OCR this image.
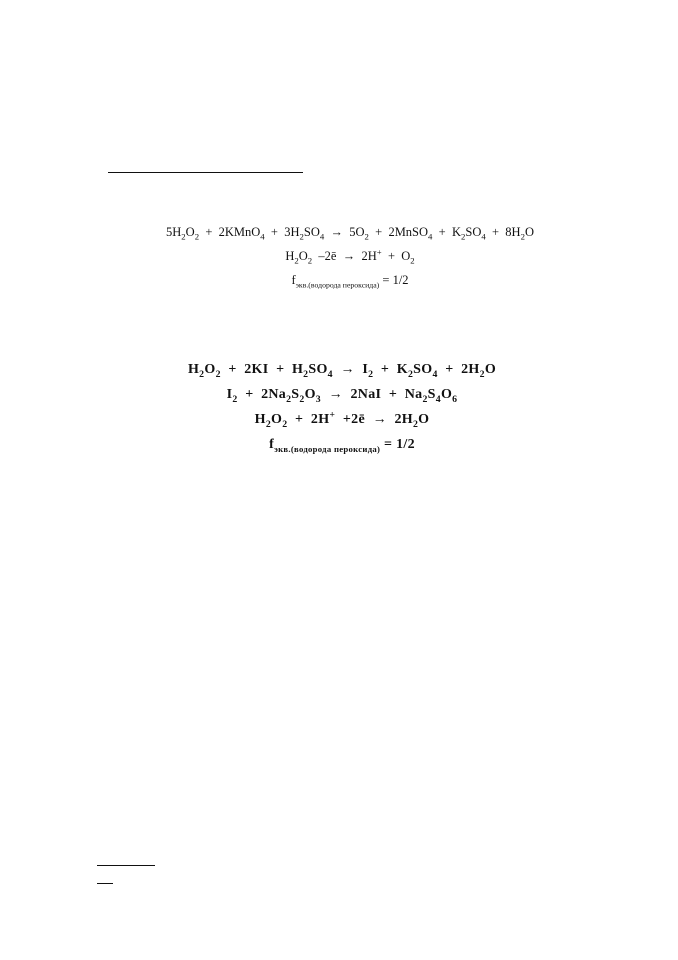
$5H_2O_2$  +  2KMnO$_4$  +  $3H_2SO_4 \to 5O_2$  +  2MnSO$_4$  +  $K_2SO_4 + 8H_2O$
$H_2O_2$  –2ē  →  $2H^+ + O_2$
$f_{экв.(водорода пероксида)} = 1/2$
$H_2O_2 + 2KI + H_2SO_4 \to I_2 + K_2SO_4 + 2H_2O$
$I_2 + 2Na_2S_2O_3 \to 2NaI + Na_2S_4O_6$
$H_2O_2 + 2H^+$  +2ē  →  $2H_2O$
$f_{экв.(водорода пероксида)} = 1/2$
